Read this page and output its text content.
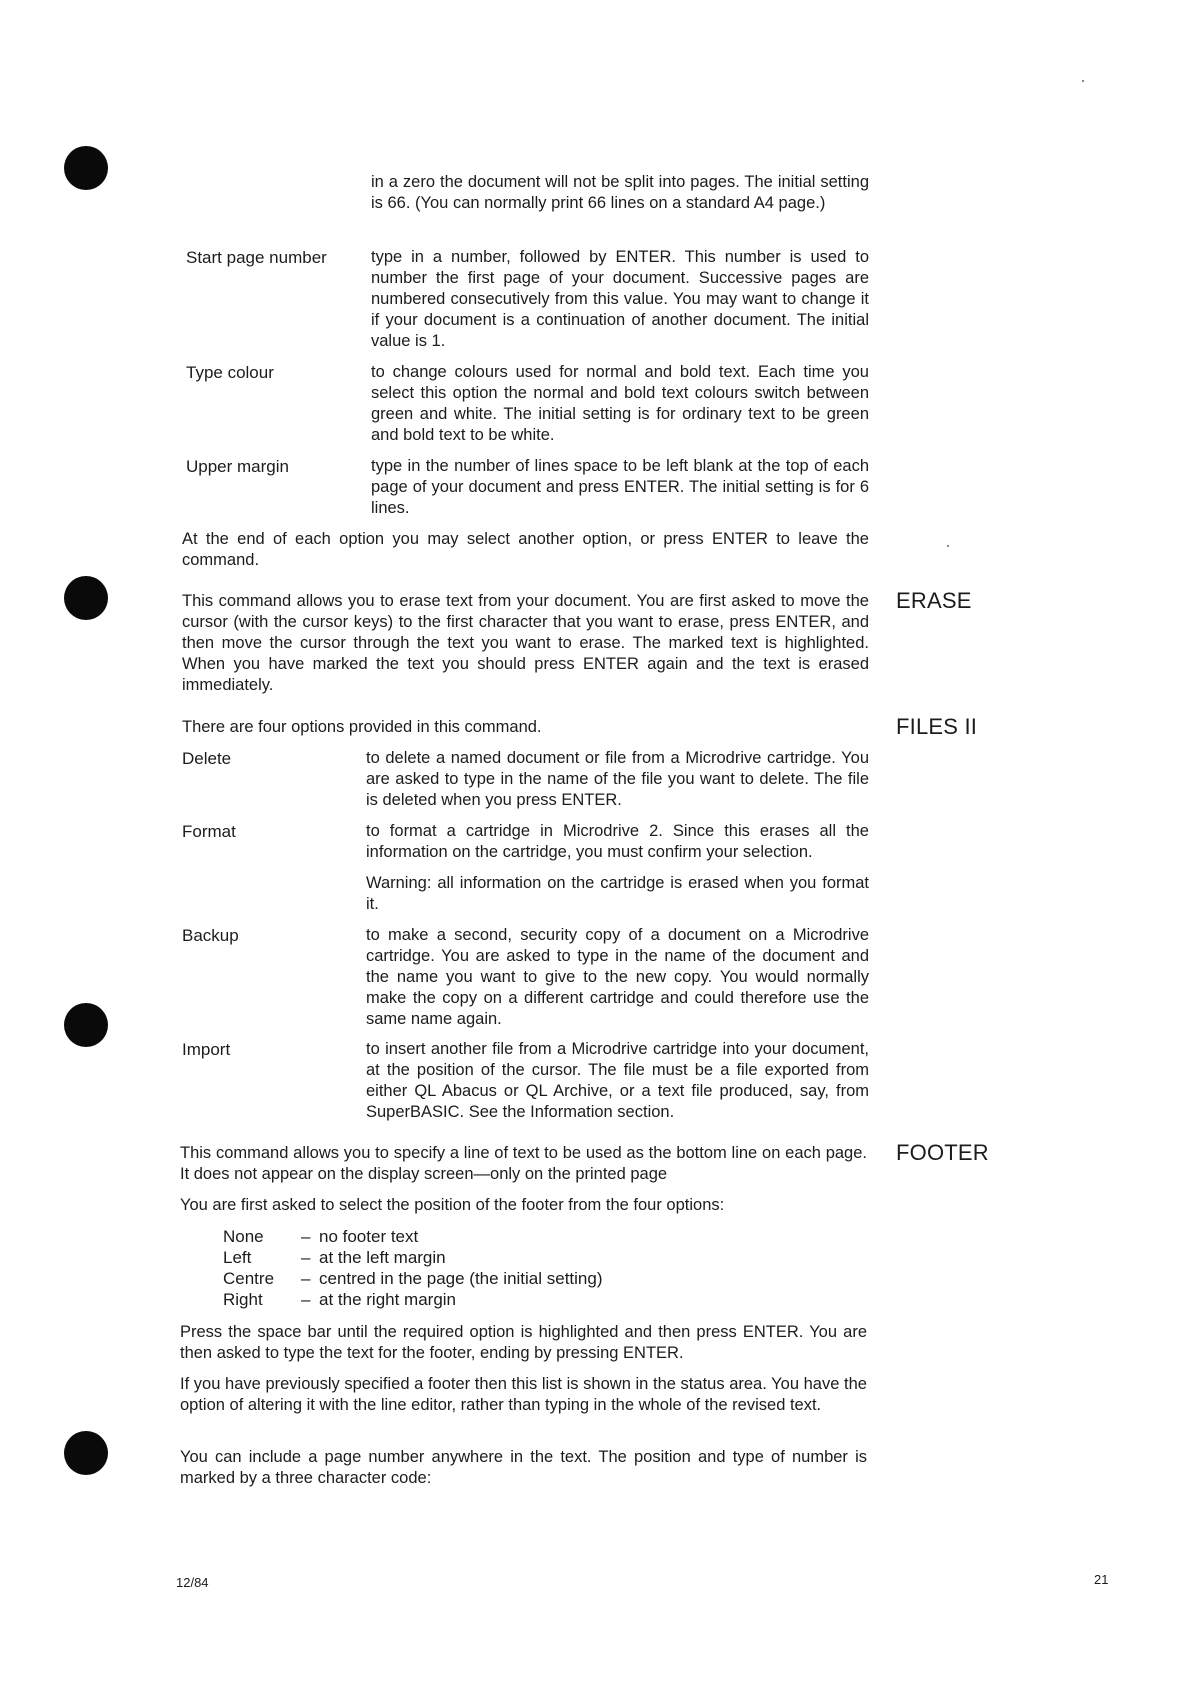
in a zero the document will not be split into pages. The initial setting is 66. (You can normally print 66 lines on a standard A4 page.)
Start page number	type in a number, followed by ENTER. This number is used to number the first page of your document. Successive pages are numbered consecutively from this value. You may want to change it if your document is a continuation of another document. The initial value is 1.
Type colour	to change colours used for normal and bold text. Each time you select this option the normal and bold text colours switch between green and white. The initial setting is for ordinary text to be green and bold text to be white.
Upper margin	type in the number of lines space to be left blank at the top of each page of your document and press ENTER. The initial setting is for 6 lines.
At the end of each option you may select another option, or press ENTER to leave the command.
ERASE
This command allows you to erase text from your document. You are first asked to move the cursor (with the cursor keys) to the first character that you want to erase, press ENTER, and then move the cursor through the text you want to erase. The marked text is highlighted. When you have marked the text you should press ENTER again and the text is erased immediately.
FILES II
There are four options provided in this command.
Delete	to delete a named document or file from a Microdrive cartridge. You are asked to type in the name of the file you want to delete. The file is deleted when you press ENTER.
Format	to format a cartridge in Microdrive 2. Since this erases all the information on the cartridge, you must confirm your selection.
Warning: all information on the cartridge is erased when you format it.
Backup	to make a second, security copy of a document on a Microdrive cartridge. You are asked to type in the name of the document and the name you want to give to the new copy. You would normally make the copy on a different cartridge and could therefore use the same name again.
Import	to insert another file from a Microdrive cartridge into your document, at the position of the cursor. The file must be a file exported from either QL Abacus or QL Archive, or a text file produced, say, from SuperBASIC. See the Information section.
FOOTER
This command allows you to specify a line of text to be used as the bottom line on each page. It does not appear on the display screen—only on the printed page
You are first asked to select the position of the footer from the four options:
None – no footer text
Left	– at the left margin
Centre – centred in the page (the initial setting)
Right – at the right margin
Press the space bar until the required option is highlighted and then press ENTER. You are then asked to type the text for the footer, ending by pressing ENTER.
If you have previously specified a footer then this list is shown in the status area. You have the option of altering it with the line editor, rather than typing in the whole of the revised text.
You can include a page number anywhere in the text. The position and type of number is marked by a three character code:
12/84	21
